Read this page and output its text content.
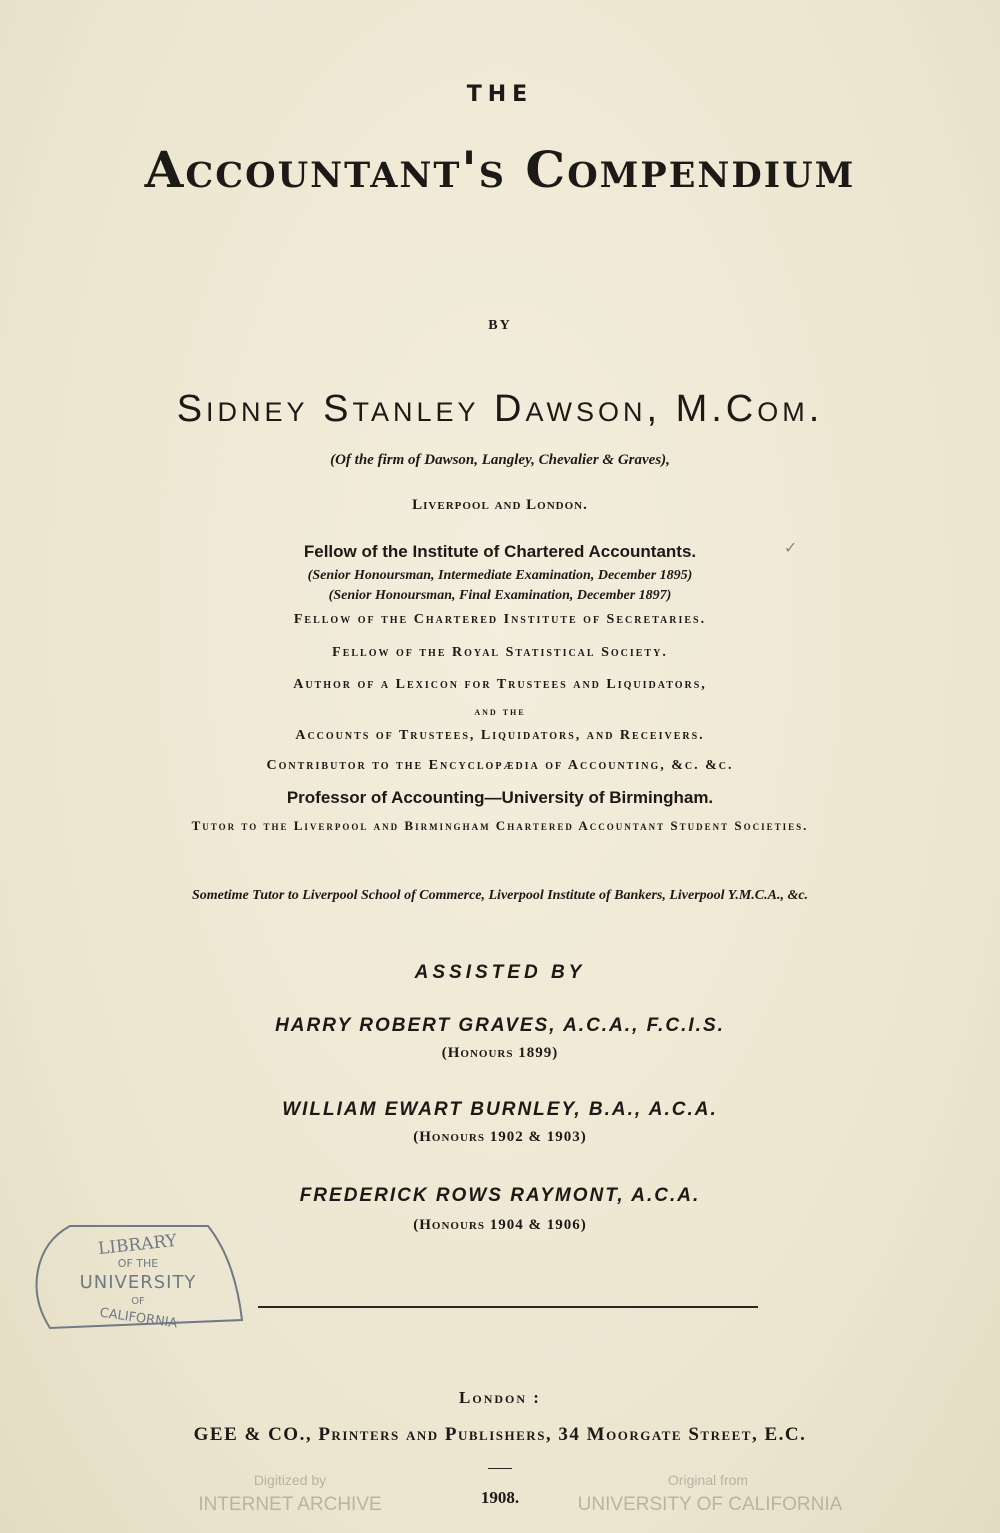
THE
Accountant's Compendium
BY
Sidney Stanley Dawson, M.Com.
(Of the firm of Dawson, Langley, Chevalier & Graves),
Liverpool and London.
Fellow of the Institute of Chartered Accountants.
(Senior Honoursman, Intermediate Examination, December 1895)
(Senior Honoursman, Final Examination, December 1897)
Fellow of the Chartered Institute of Secretaries.
Fellow of the Royal Statistical Society.
Author of a Lexicon for Trustees and Liquidators,
and the
Accounts of Trustees, Liquidators, and Receivers.
Contributor to the Encyclopædia of Accounting, &c. &c.
Professor of Accounting—University of Birmingham.
Tutor to the Liverpool and Birmingham Chartered Accountant Student Societies.
Sometime Tutor to Liverpool School of Commerce, Liverpool Institute of Bankers, Liverpool Y.M.C.A., &c.
ASSISTED BY
HARRY ROBERT GRAVES, A.C.A., F.C.I.S.
(Honours 1899)
WILLIAM EWART BURNLEY, B.A., A.C.A.
(Honours 1902 & 1903)
FREDERICK ROWS RAYMONT, A.C.A.
(Honours 1904 & 1906)
LIBRARY
OF THE
UNIVERSITY
OF
CALIFORNIA
London :
GEE & CO., Printers and Publishers, 34 Moorgate Street, E.C.
1908.
Digitized by
INTERNET ARCHIVE
Original from
UNIVERSITY OF CALIFORNIA
✓
